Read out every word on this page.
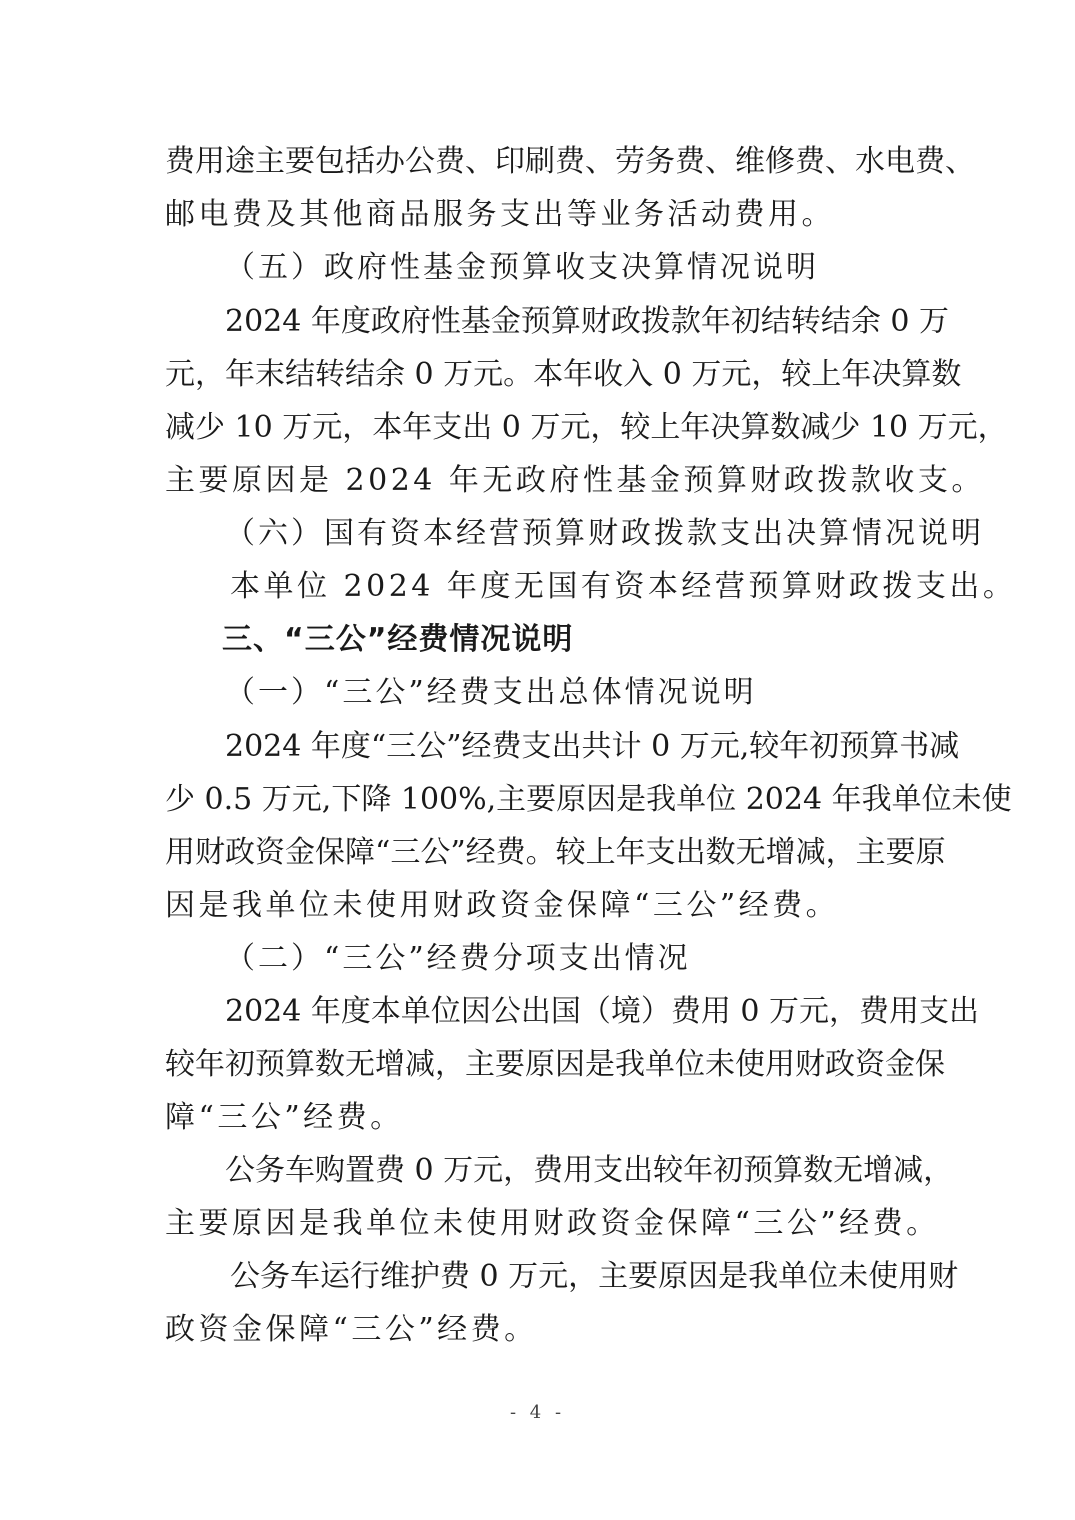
费用途主要包括办公费、印刷费、劳务费、维修费、水电费、
邮电费及其他商品服务支出等业务活动费用。
（五）政府性基金预算收支决算情况说明
2024 年度政府性基金预算财政拨款年初结转结余 0 万
元，年末结转结余 0 万元。本年收入 0 万元，较上年决算数
减少 10 万元，本年支出 0 万元，较上年决算数减少 10 万元，
主要原因是 2024 年无政府性基金预算财政拨款收支。
（六）国有资本经营预算财政拨款支出决算情况说明
本单位 2024 年度无国有资本经营预算财政拨支出。
三、“三公”经费情况说明
（一）“三公”经费支出总体情况说明
2024 年度“三公”经费支出共计 0 万元,较年初预算书减
少 0.5 万元,下降 100%,主要原因是我单位 2024 年我单位未使
用财政资金保障“三公”经费。较上年支出数无增减，主要原
因是我单位未使用财政资金保障“三公”经费。
（二）“三公”经费分项支出情况
2024 年度本单位因公出国（境）费用 0 万元，费用支出
较年初预算数无增减，主要原因是我单位未使用财政资金保
障“三公”经费。
公务车购置费 0 万元，费用支出较年初预算数无增减，
主要原因是我单位未使用财政资金保障“三公”经费。
公务车运行维护费 0 万元，主要原因是我单位未使用财
政资金保障“三公”经费。
- 4 -
